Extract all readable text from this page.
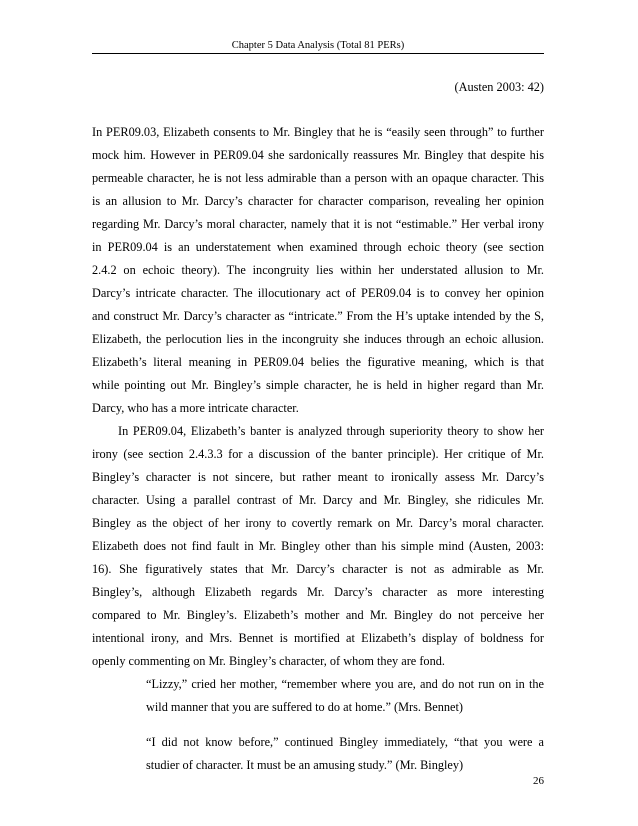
Chapter 5 Data Analysis (Total 81 PERs)
(Austen 2003: 42)
In PER09.03, Elizabeth consents to Mr. Bingley that he is “easily seen through” to further
mock him. However in PER09.04 she sardonically reassures Mr. Bingley that despite his
permeable character, he is not less admirable than a person with an opaque character. This
is an allusion to Mr. Darcy’s character for character comparison, revealing her opinion
regarding Mr. Darcy’s moral character, namely that it is not “estimable.” Her verbal irony
in PER09.04 is an understatement when examined through echoic theory (see section
2.4.2 on echoic theory). The incongruity lies within her understated allusion to Mr.
Darcy’s intricate character. The illocutionary act of PER09.04 is to convey her opinion
and construct Mr. Darcy’s character as “intricate.” From the H’s uptake intended by the S,
Elizabeth, the perlocution lies in the incongruity she induces through an echoic allusion.
Elizabeth’s literal meaning in PER09.04 belies the figurative meaning, which is that
while pointing out Mr. Bingley’s simple character, he is held in higher regard than Mr.
Darcy, who has a more intricate character.
In PER09.04, Elizabeth’s banter is analyzed through superiority theory to show her
irony (see section 2.4.3.3 for a discussion of the banter principle). Her critique of Mr.
Bingley’s character is not sincere, but rather meant to ironically assess Mr. Darcy’s
character. Using a parallel contrast of Mr. Darcy and Mr. Bingley, she ridicules Mr.
Bingley as the object of her irony to covertly remark on Mr. Darcy’s moral character.
Elizabeth does not find fault in Mr. Bingley other than his simple mind (Austen, 2003:
16). She figuratively states that Mr. Darcy’s character is not as admirable as Mr.
Bingley’s, although Elizabeth regards Mr. Darcy’s character as more interesting
compared to Mr. Bingley’s. Elizabeth’s mother and Mr. Bingley do not perceive her
intentional irony, and Mrs. Bennet is mortified at Elizabeth’s display of boldness for
openly commenting on Mr. Bingley’s character, of whom they are fond.
“Lizzy,” cried her mother, “remember where you are, and do not run on in the
wild manner that you are suffered to do at home.” (Mrs. Bennet)
“I did not know before,” continued Bingley immediately, “that you were a
studier of character. It must be an amusing study.” (Mr. Bingley)
26
